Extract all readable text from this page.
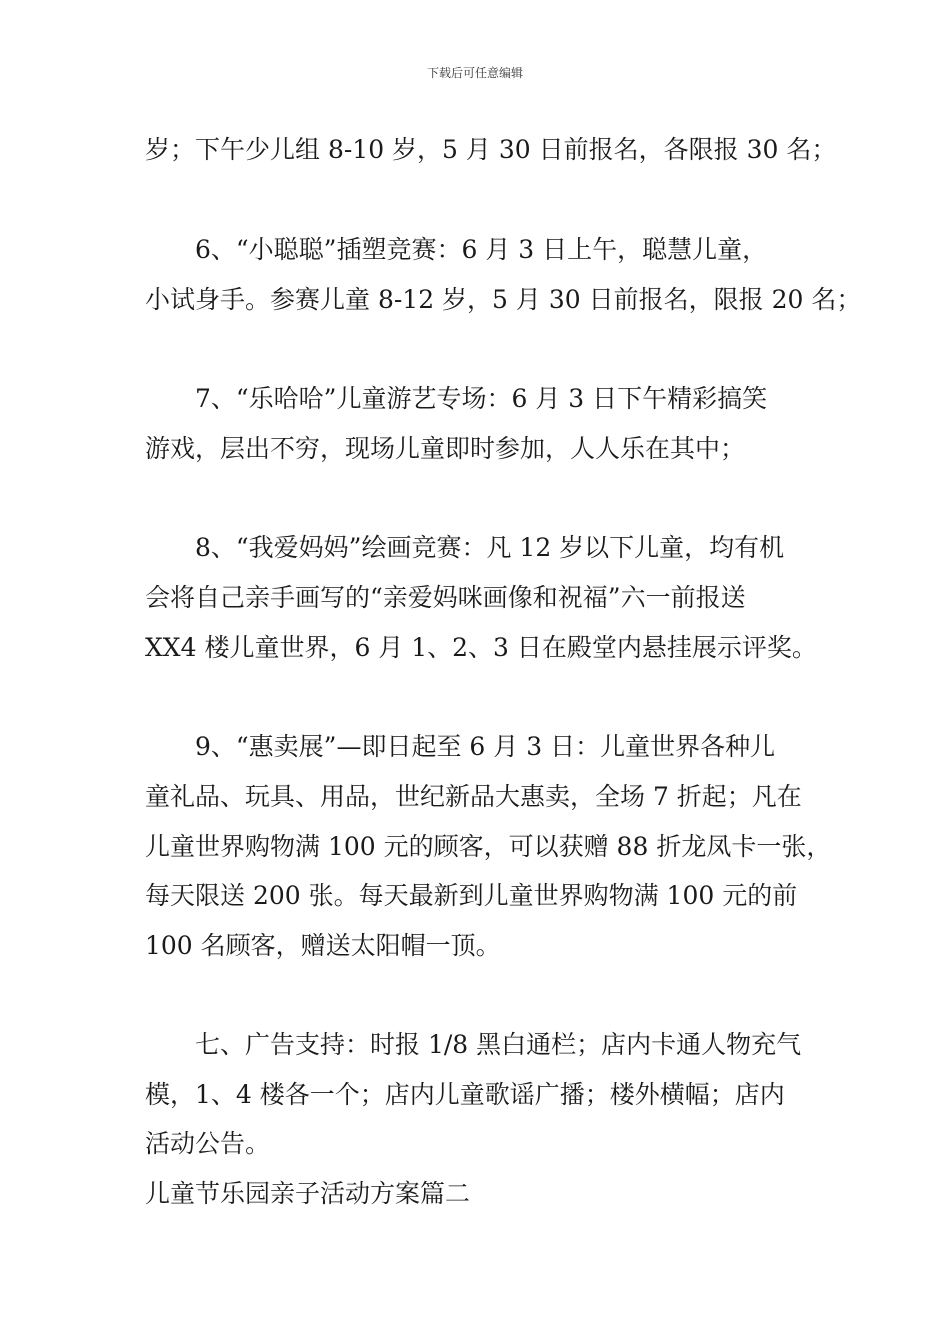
下载后可任意编辑
岁；下午少儿组 8-10 岁，5 月 30 日前报名，各限报 30 名；
6、“小聪聪”插塑竞赛：6 月 3 日上午，聪慧儿童，
小试身手。参赛儿童 8-12 岁，5 月 30 日前报名，限报 20 名；
7、“乐哈哈”儿童游艺专场：6 月 3 日下午精彩搞笑
游戏，层出不穷，现场儿童即时参加，人人乐在其中；
8、“我爱妈妈”绘画竞赛：凡 12 岁以下儿童，均有机
会将自己亲手画写的“亲爱妈咪画像和祝福”六一前报送
XX4 楼儿童世界，6 月 1、2、3 日在殿堂内悬挂展示评奖。
9、“惠卖展”—即日起至 6 月 3 日：儿童世界各种儿
童礼品、玩具、用品，世纪新品大惠卖，全场 7 折起；凡在
儿童世界购物满 100 元的顾客，可以获赠 88 折龙凤卡一张，
每天限送 200 张。每天最新到儿童世界购物满 100 元的前
100 名顾客，赠送太阳帽一顶。
七、广告支持：时报 1/8 黑白通栏；店内卡通人物充气
模，1、4 楼各一个；店内儿童歌谣广播；楼外横幅；店内
活动公告。
儿童节乐园亲子活动方案篇二
